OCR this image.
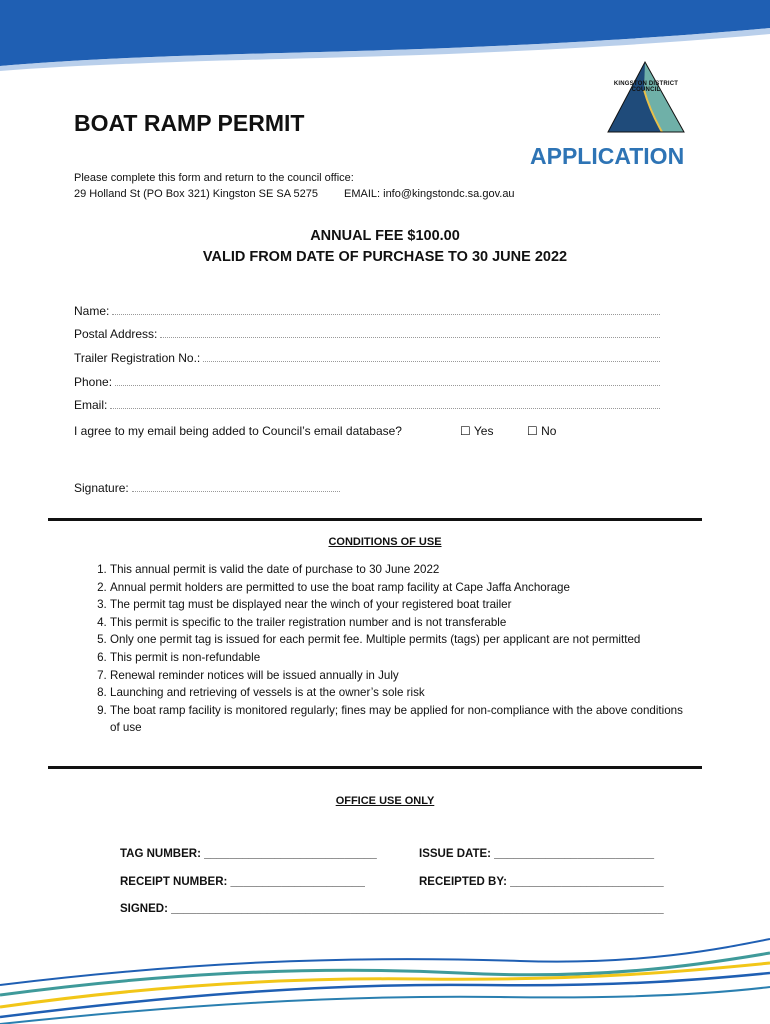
KINGSTON DISTRICT COUNCIL
BOAT RAMP PERMIT
APPLICATION
Please complete this form and return to the council office:
29 Holland St (PO Box 321) Kingston SE SA 5275 EMAIL: info@kingstondc.sa.gov.au
ANNUAL FEE $100.00
VALID FROM DATE OF PURCHASE TO 30 JUNE 2022
Name:
Postal Address:
Trailer Registration No.:
Phone:
Email:
I agree to my email being added to Council’s email database?	☐ Yes	☐ No
Signature:
CONDITIONS OF USE
1. This annual permit is valid the date of purchase to 30 June 2022
2. Annual permit holders are permitted to use the boat ramp facility at Cape Jaffa Anchorage
3. The permit tag must be displayed near the winch of your registered boat trailer
4. This permit is specific to the trailer registration number and is not transferable
5. Only one permit tag is issued for each permit fee. Multiple permits (tags) per applicant are not permitted
6. This permit is non-refundable
7. Renewal reminder notices will be issued annually in July
8. Launching and retrieving of vessels is at the owner’s sole risk
9. The boat ramp facility is monitored regularly; fines may be applied for non-compliance with the above conditions of use
OFFICE USE ONLY
TAG NUMBER: ___________________________	ISSUE DATE: _________________________
RECEIPT NUMBER: _____________________	RECEIPTED BY: ________________________
SIGNED: _____________________________________________________________________________
